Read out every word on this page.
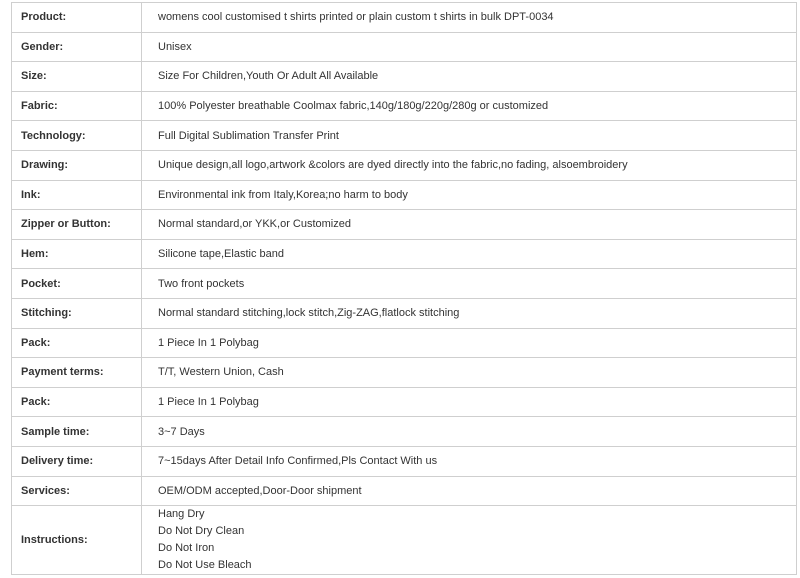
Product:	womens cool customised t shirts printed or plain custom t shirts in bulk DPT-0034
Gender:	Unisex
Size:	Size For Children,Youth Or Adult All Available
Fabric:	100% Polyester breathable Coolmax fabric,140g/180g/220g/280g or customized
Technology:	Full Digital Sublimation Transfer Print
Drawing:	Unique design,all logo,artwork &colors are dyed directly into the fabric,no fading, alsoembroidery
Ink:	Environmental ink from Italy,Korea;no harm to body
Zipper or Button:	Normal standard,or YKK,or Customized
Hem:	Silicone tape,Elastic band
Pocket:	Two front pockets
Stitching:	Normal standard stitching,lock stitch,Zig-ZAG,flatlock stitching
Pack:	1 Piece In 1 Polybag
Payment terms:	T/T, Western Union, Cash
Pack:	1 Piece In 1 Polybag
Sample time:	3~7 Days
Delivery time:	7~15days After Detail Info Confirmed,Pls Contact With us
Services:	OEM/ODM accepted,Door-Door shipment
Instructions:	Hang Dry
Do Not Dry Clean
Do Not Iron
Do Not Use Bleach
